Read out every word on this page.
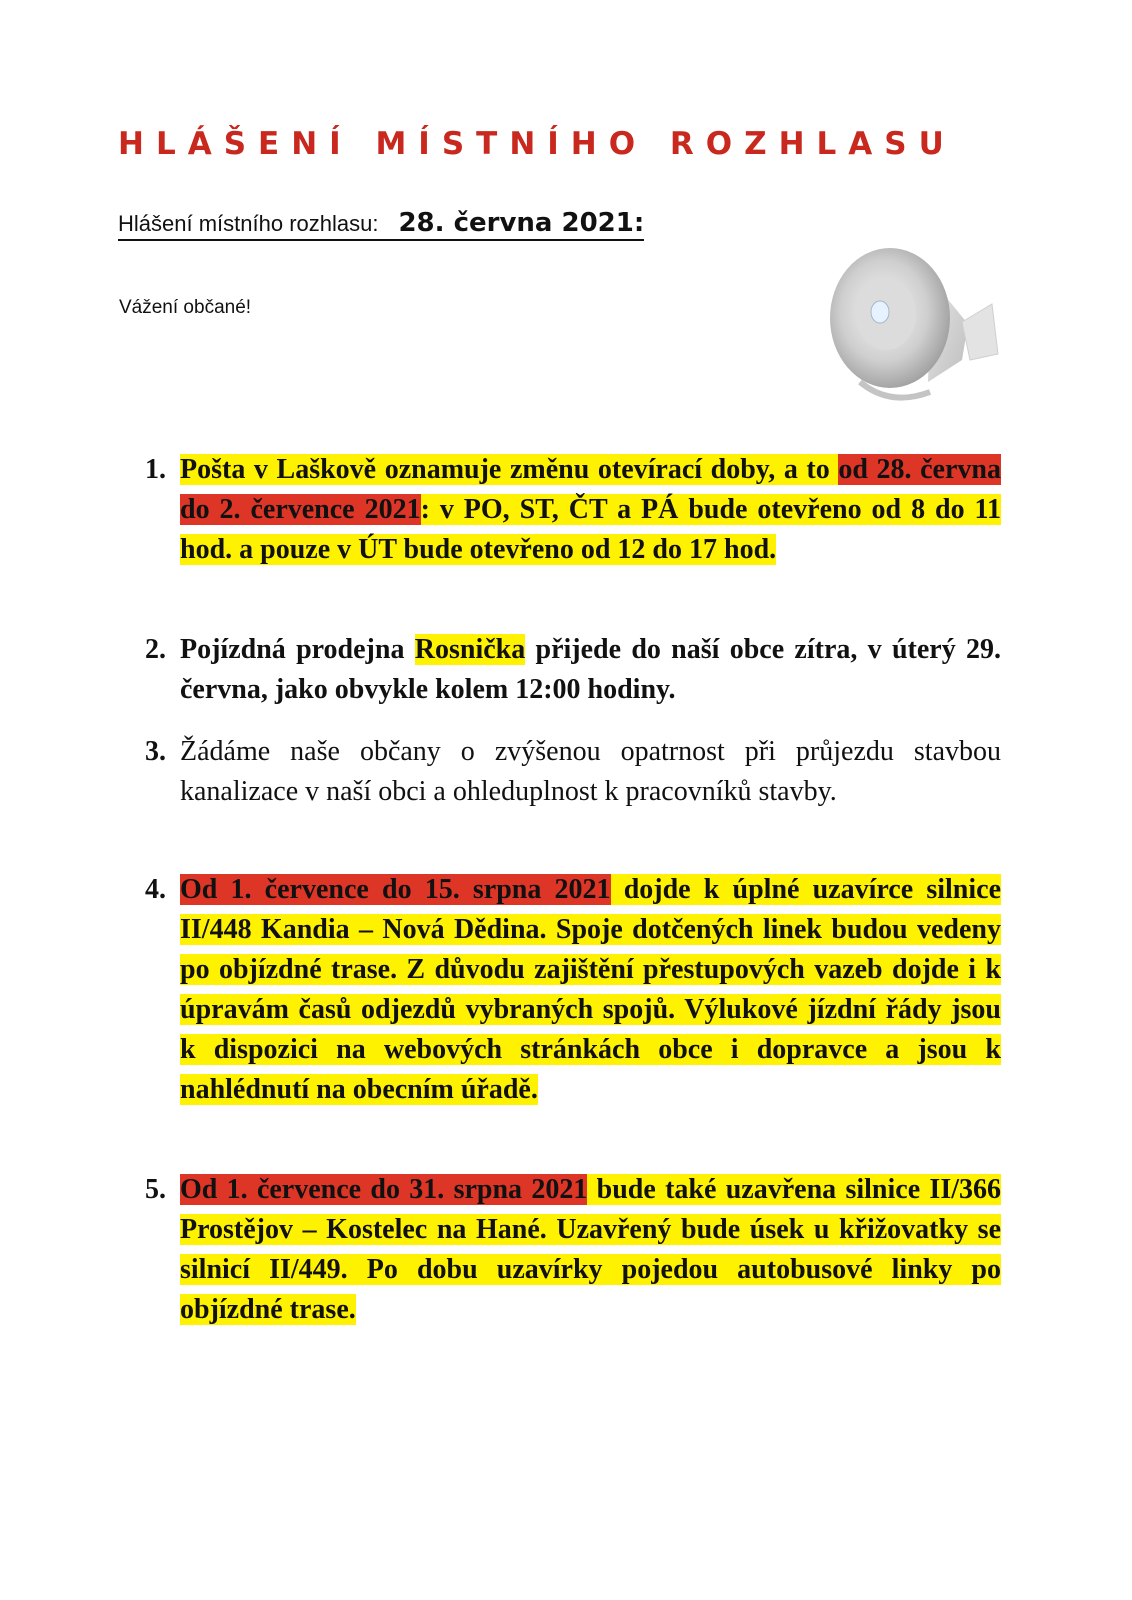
HLÁŠENÍ MÍSTNÍHO ROZHLASU
Hlášení místního rozhlasu: 28. června 2021:

Vážení občané!

1. Pošta v Laškově oznamuje změnu otevírací doby, a to od 28. června do 2. července 2021: v PO, ST, ČT a PÁ bude otevřeno od 8 do 11 hod. a pouze v ÚT bude otevřeno od 12 do 17 hod.
2. Pojízdná prodejna Rosnička přijede do naší obce zítra, v úterý 29. června, jako obvykle kolem 12:00 hodiny.
3. Žádáme naše občany o zvýšenou opatrnost při průjezdu stavbou kanalizace v naší obci a ohleduplnost k pracovníků stavby.
4. Od 1. července do 15. srpna 2021 dojde k úplné uzavírce silnice II/448 Kandia – Nová Dědina. Spoje dotčených linek budou vedeny po objízdné trase. Z důvodu zajištění přestupových vazeb dojde i k úpravám časů odjezdů vybraných spojů. Výlukové jízdní řády jsou k dispozici na webových stránkách obce i dopravce a jsou k nahlédnutí na obecním úřadě.
5. Od 1. července do 31. srpna 2021 bude také uzavřena silnice II/366 Prostějov – Kostelec na Hané. Uzavřený bude úsek u křižovatky se silnicí II/449. Po dobu uzavírky pojedou autobusové linky po objízdné trase.
